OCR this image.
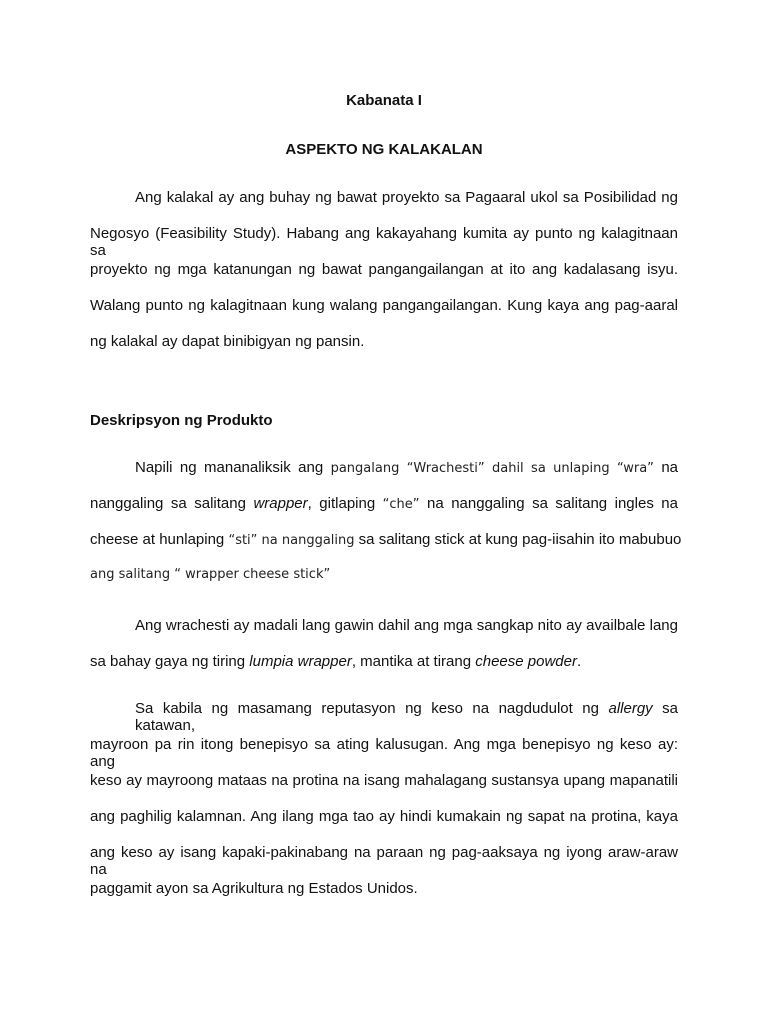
Kabanata I

ASPEKTO NG KALAKALAN

Ang kalakal ay ang buhay ng bawat proyekto sa Pagaaral ukol sa Posibilidad ng
Negosyo (Feasibility Study). Habang ang kakayahang kumita ay punto ng kalagitnaan sa
proyekto ng mga katanungan ng bawat pangangailangan at ito ang kadalasang isyu.
Walang punto ng kalagitnaan kung walang pangangailangan. Kung kaya ang pag-aaral
ng kalakal ay dapat binibigyan ng pansin.

Deskripsyon ng Produkto

Napili ng mananaliksik ang pangalang “Wrachesti” dahil sa unlaping “wra” na
nanggaling sa salitang wrapper, gitlaping “che” na nanggaling sa salitang ingles na
cheese at hunlaping “sti” na nanggaling sa salitang stick at kung pag-iisahin ito mabubuo
ang salitang “ wrapper cheese stick”
Ang wrachesti ay madali lang gawin dahil ang mga sangkap nito ay availbale lang
sa bahay gaya ng tiring lumpia wrapper, mantika at tirang cheese powder.
Sa kabila ng masamang reputasyon ng keso na nagdudulot ng allergy sa katawan,
mayroon pa rin itong benepisyo sa ating kalusugan. Ang mga benepisyo ng keso ay: ang
keso ay mayroong mataas na protina na isang mahalagang sustansya upang mapanatili
ang paghilig kalamnan. Ang ilang mga tao ay hindi kumakain ng sapat na protina, kaya
ang keso ay isang kapaki-pakinabang na paraan ng pag-aaksaya ng iyong araw-araw na
paggamit ayon sa Agrikultura ng Estados Unidos.
